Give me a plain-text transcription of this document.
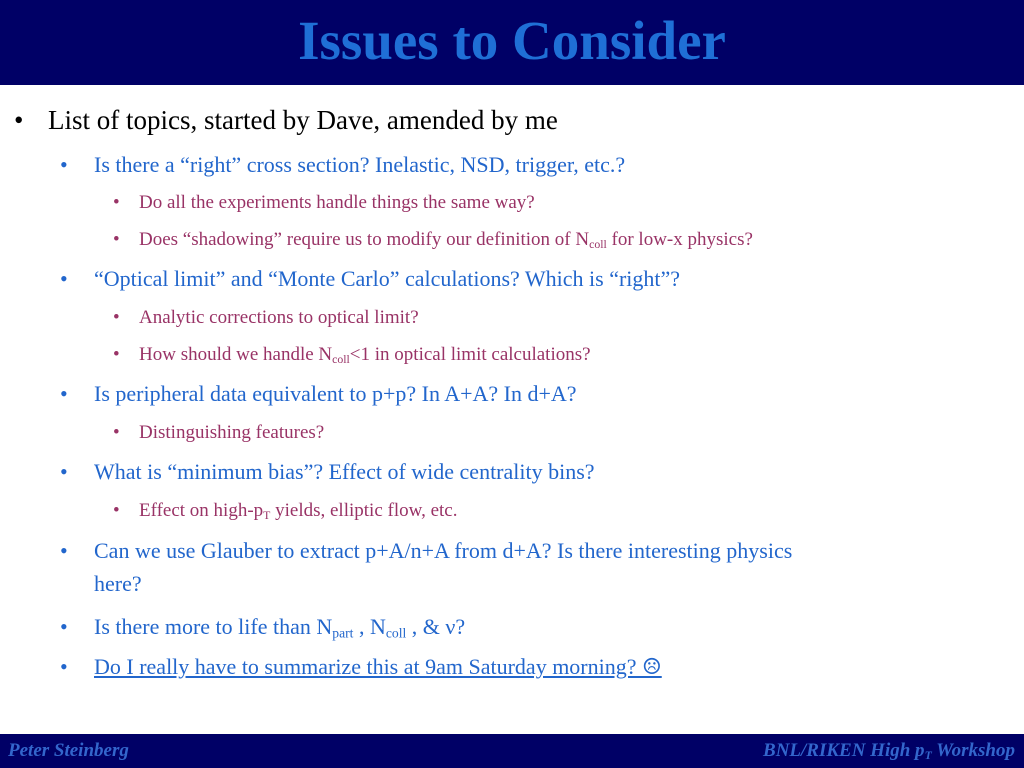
Issues to Consider
• List of topics, started by Dave, amended by me
• Is there a “right” cross section? Inelastic, NSD, trigger, etc.?
• Do all the experiments handle things the same way?
• Does “shadowing” require us to modify our definition of $N_{coll}$ for low-x physics?
• “Optical limit” and “Monte Carlo” calculations? Which is “right”?
• Analytic corrections to optical limit?
• How should we handle $N_{coll}<1$ in optical limit calculations?
• Is peripheral data equivalent to p+p? In A+A? In d+A?
• Distinguishing features?
• What is “minimum bias”? Effect of wide centrality bins?
• Effect on high-$p_T$ yields, elliptic flow, etc.
• Can we use Glauber to extract p+A/n+A from d+A? Is there interesting physics
here?
• Is there more to life than $N_{part}$ , $N_{coll}$ , & ν?
• Do I really have to summarize this at 9am Saturday morning? ☹
Peter Steinberg	BNL/RIKEN High $p_T$ Workshop
